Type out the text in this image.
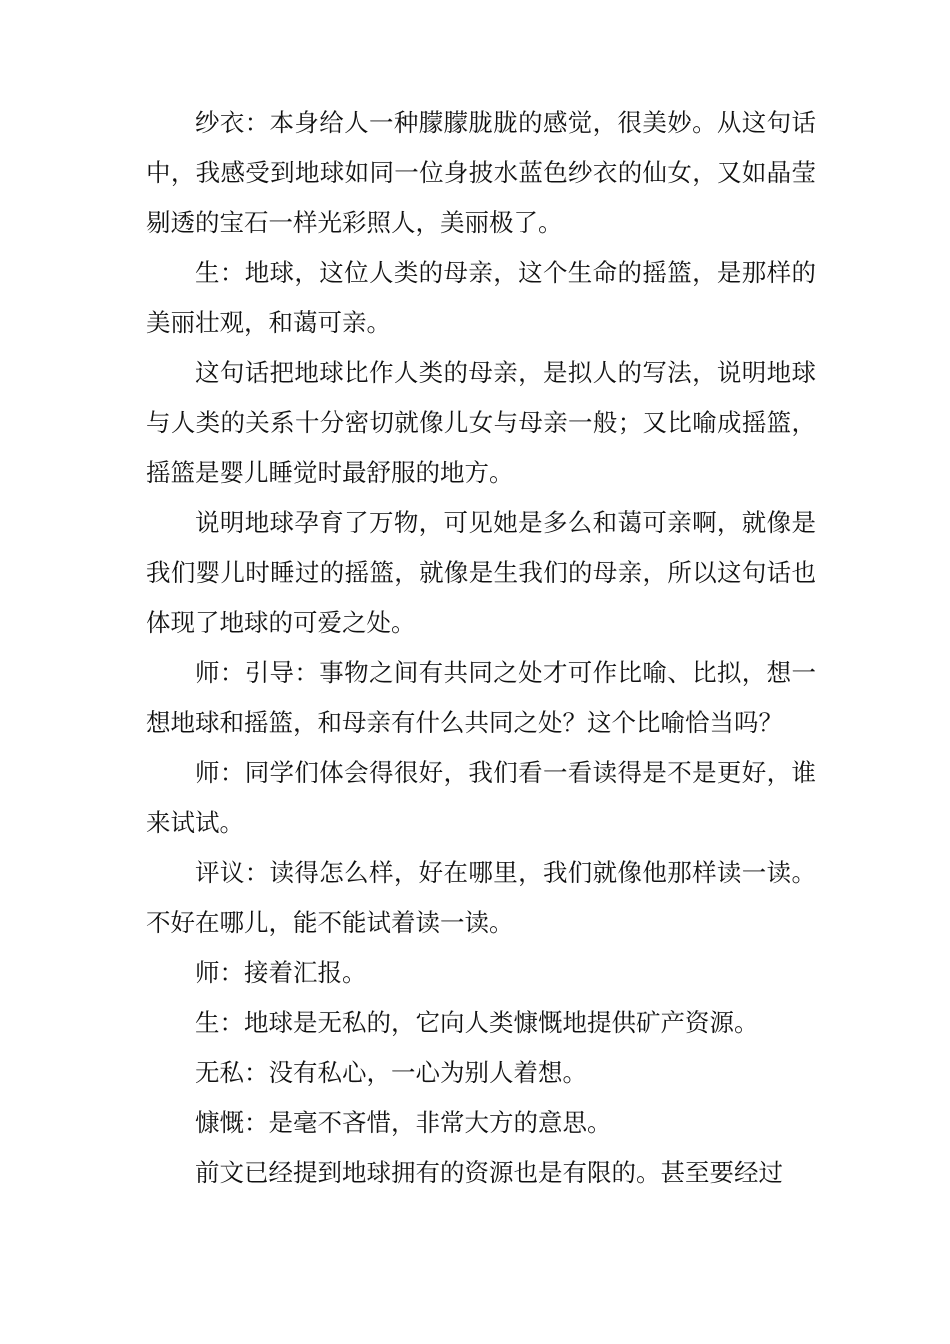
纱衣：本身给人一种朦朦胧胧的感觉，很美妙。从这句话中，我感受到地球如同一位身披水蓝色纱衣的仙女，又如晶莹剔透的宝石一样光彩照人，美丽极了。

生：地球，这位人类的母亲，这个生命的摇篮，是那样的美丽壮观，和蔼可亲。

这句话把地球比作人类的母亲，是拟人的写法，说明地球与人类的关系十分密切就像儿女与母亲一般；又比喻成摇篮，摇篮是婴儿睡觉时最舒服的地方。

说明地球孕育了万物，可见她是多么和蔼可亲啊，就像是我们婴儿时睡过的摇篮，就像是生我们的母亲，所以这句话也体现了地球的可爱之处。

师：引导：事物之间有共同之处才可作比喻、比拟，想一想地球和摇篮，和母亲有什么共同之处？这个比喻恰当吗？

师：同学们体会得很好，我们看一看读得是不是更好，谁来试试。

评议：读得怎么样，好在哪里，我们就像他那样读一读。不好在哪儿，能不能试着读一读。

师：接着汇报。

生：地球是无私的，它向人类慷慨地提供矿产资源。

无私：没有私心，一心为别人着想。

慷慨：是毫不吝惜，非常大方的意思。

前文已经提到地球拥有的资源也是有限的。甚至要经过
